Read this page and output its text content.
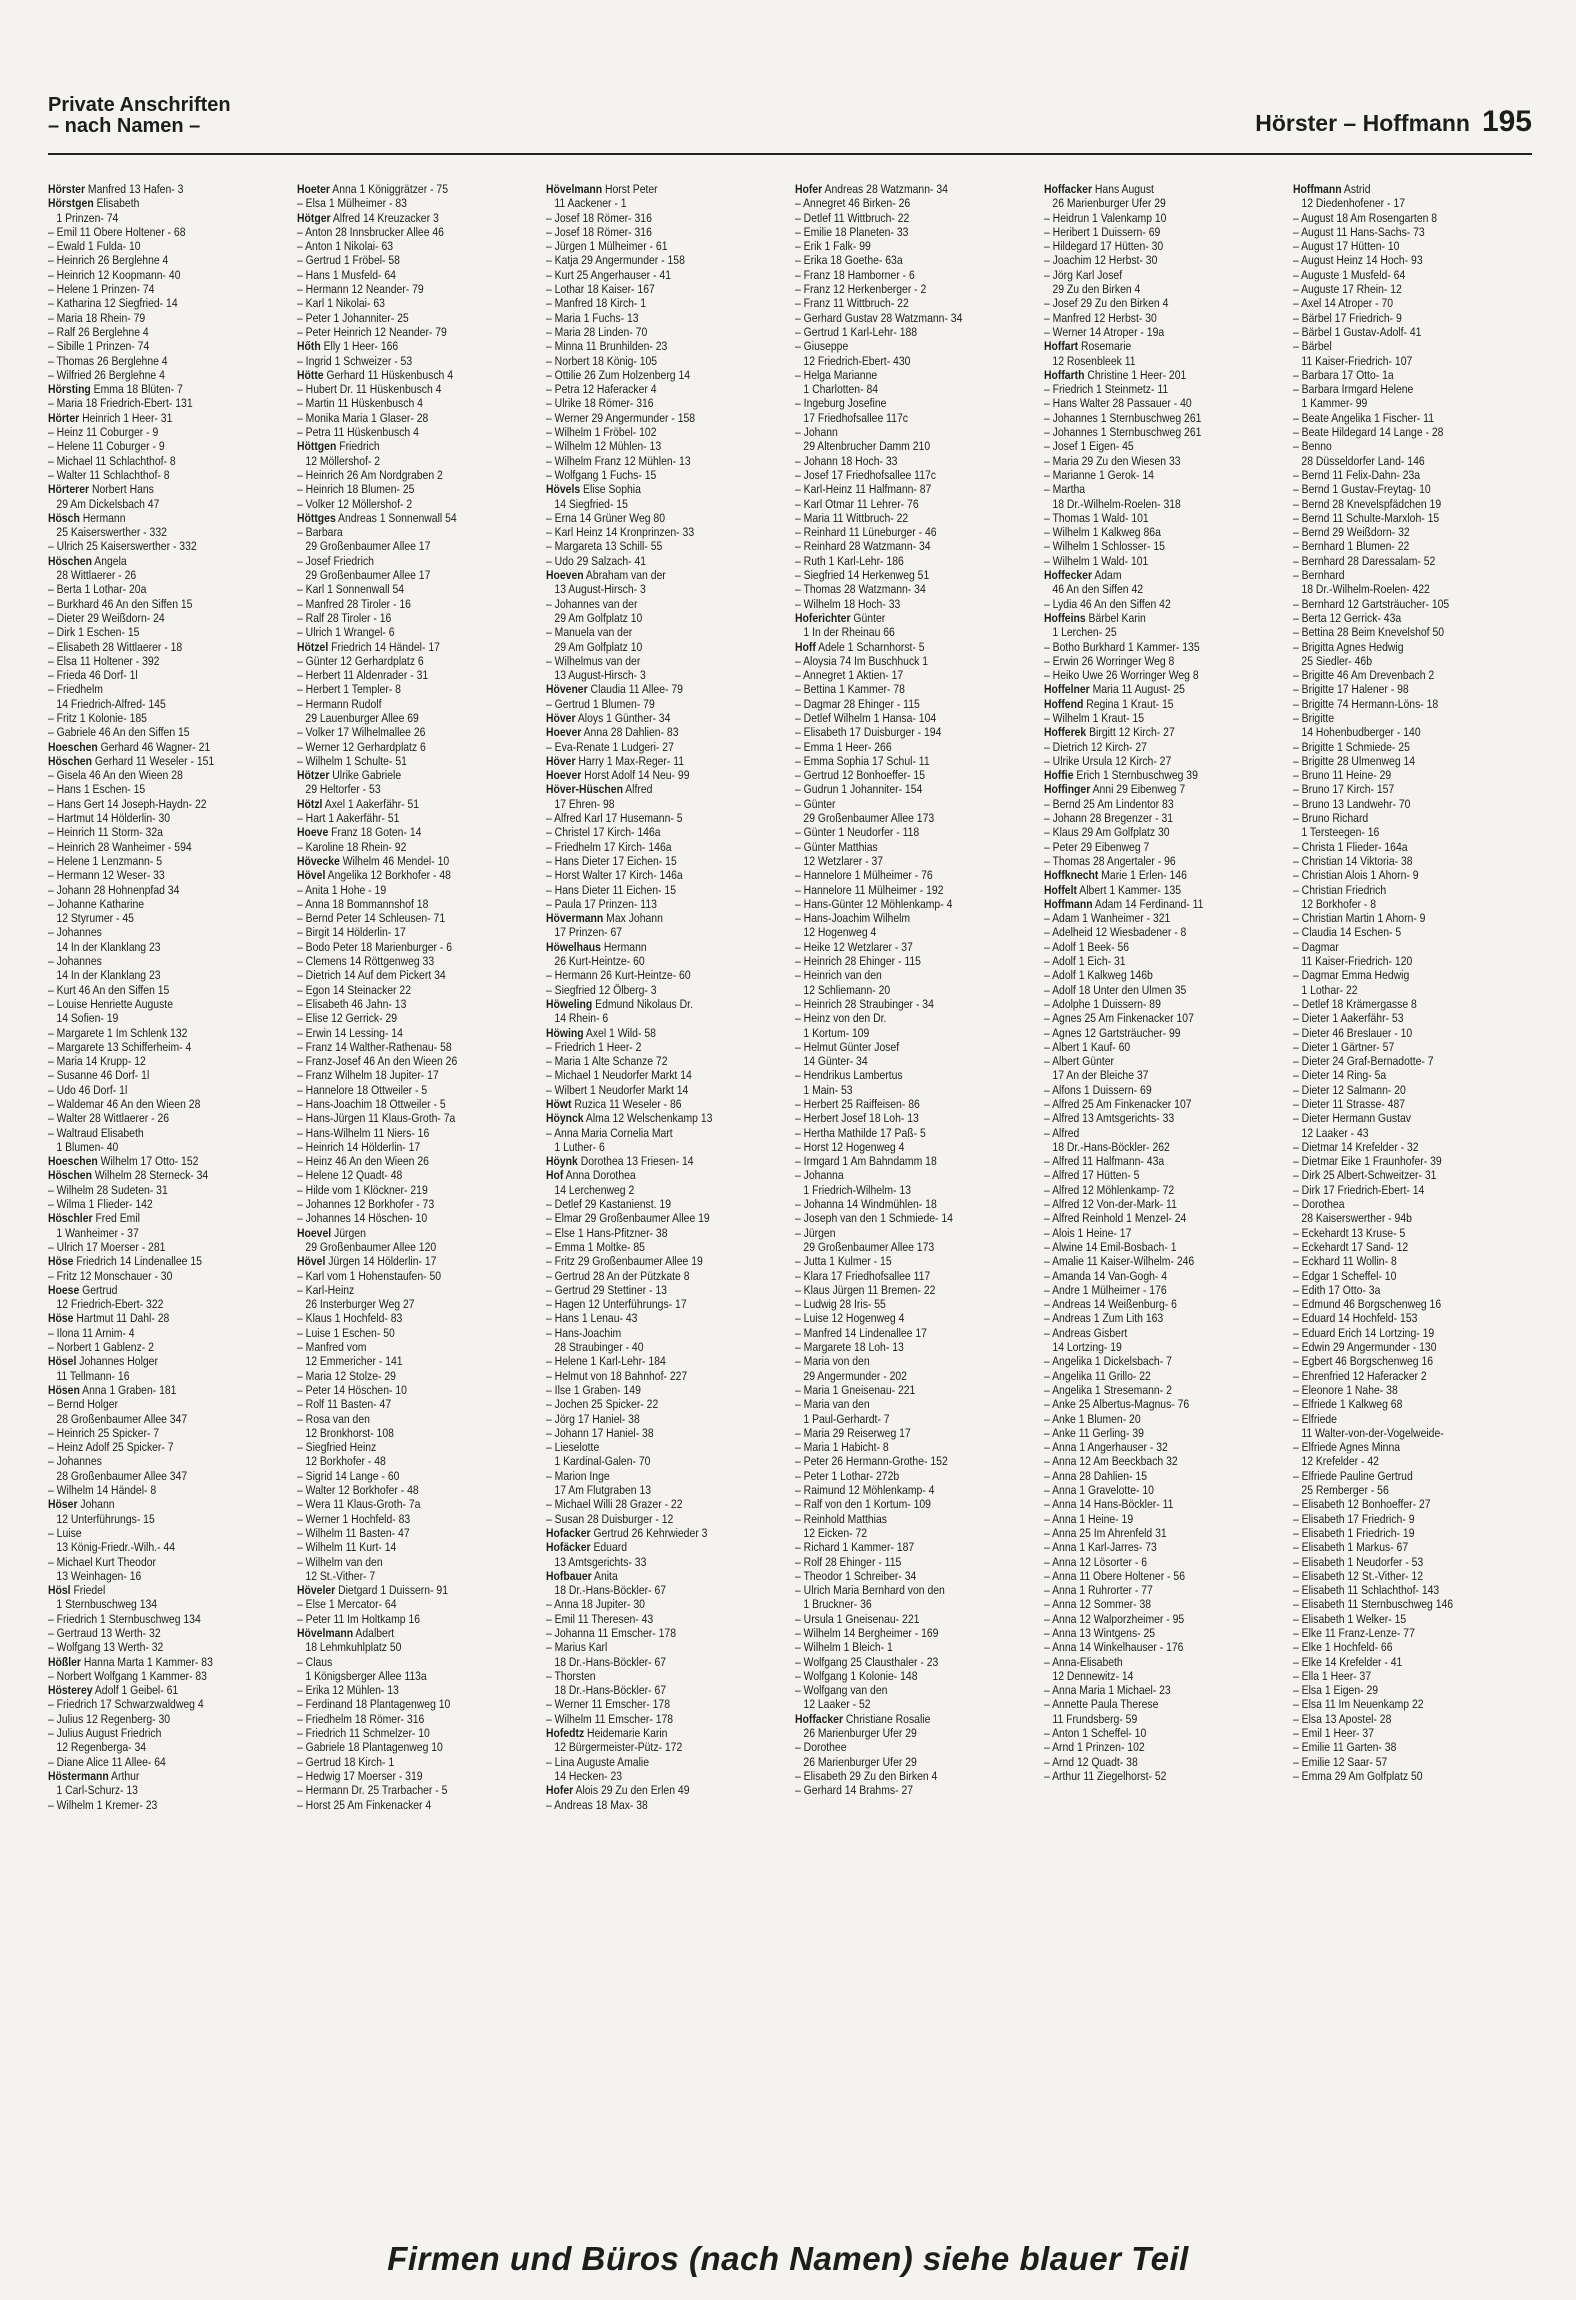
Private Anschriften
– nach Namen –	Hörster – Hoffmann 195
Hörster Manfred 13 Hafen- 3
Hörstgen Elisabeth
1 Prinzen- 74
– Emil 11 Obere Holtener - 68
– Ewald 1 Fulda- 10
– Heinrich 26 Berglehne 4
– Heinrich 12 Koopmann- 40
– Helene 1 Prinzen- 74
– Katharina 12 Siegfried- 14
– Maria 18 Rhein- 79
– Ralf 26 Berglehne 4
– Sibille 1 Prinzen- 74
– Thomas 26 Berglehne 4
– Wilfried 26 Berglehne 4
Hörsting Emma 18 Blüten- 7
– Maria 18 Friedrich-Ebert- 131
Hörter Heinrich 1 Heer- 31
– Heinz 11 Coburger - 9
– Helene 11 Coburger - 9
– Michael 11 Schlachthof- 8
– Walter 11 Schlachthof- 8
Hörterer Norbert Hans
29 Am Dickelsbach 47
Hösch Hermann
25 Kaiserswerther - 332
– Ulrich 25 Kaiserswerther - 332
Höschen Angela
28 Wittlaerer - 26
– Berta 1 Lothar- 20a
– Burkhard 46 An den Siffen 15
– Dieter 29 Weißdorn- 24
– Dirk 1 Eschen- 15
– Elisabeth 28 Wittlaerer - 18
– Elsa 11 Holtener - 392
– Frieda 46 Dorf- 1l
– Friedhelm
14 Friedrich-Alfred- 145
– Fritz 1 Kolonie- 185
– Gabriele 46 An den Siffen 15
Hoeschen Gerhard 46 Wagner- 21
Höschen Gerhard 11 Weseler - 151
– Gisela 46 An den Wieen 28
– Hans 1 Eschen- 15
– Hans Gert 14 Joseph-Haydn- 22
– Hartmut 14 Hölderlin- 30
– Heinrich 11 Storm- 32a
– Heinrich 28 Wanheimer - 594
– Helene 1 Lenzmann- 5
– Hermann 12 Weser- 33
– Johann 28 Hohnenpfad 34
– Johanne Katharine
12 Styrumer - 45
– Johannes
14 In der Klanklang 23
– Johannes
14 In der Klanklang 23
– Kurt 46 An den Siffen 15
– Louise Henriette Auguste
14 Sofien- 19
– Margarete 1 Im Schlenk 132
– Margarete 13 Schifferheim- 4
– Maria 14 Krupp- 12
– Susanne 46 Dorf- 1l
– Udo 46 Dorf- 1l
– Waldemar 46 An den Wieen 28
– Walter 28 Wittlaerer - 26
– Waltraud Elisabeth
1 Blumen- 40
Hoeschen Wilhelm 17 Otto- 152
Höschen Wilhelm 28 Sterneck- 34
– Wilhelm 28 Sudeten- 31
– Wilma 1 Flieder- 142
Höschler Fred Emil
1 Wanheimer - 37
– Ulrich 17 Moerser - 281
Höse Friedrich 14 Lindenallee 15
– Fritz 12 Monschauer - 30
Hoese Gertrud
12 Friedrich-Ebert- 322
Höse Hartmut 11 Dahl- 28
– Ilona 11 Arnim- 4
– Norbert 1 Gablenz- 2
Hösel Johannes Holger
11 Tellmann- 16
Hösen Anna 1 Graben- 181
– Bernd Holger
28 Großenbaumer Allee 347
– Heinrich 25 Spicker- 7
– Heinz Adolf 25 Spicker- 7
– Johannes
28 Großenbaumer Allee 347
– Wilhelm 14 Händel- 8
Höser Johann
12 Unterführungs- 15
– Luise
13 König-Friedr.-Wilh.- 44
– Michael Kurt Theodor
13 Weinhagen- 16
Hösl Friedel
1 Sternbuschweg 134
– Friedrich 1 Sternbuschweg 134
– Gertraud 13 Werth- 32
– Wolfgang 13 Werth- 32
Hößler Hanna Marta 1 Kammer- 83
– Norbert Wolfgang 1 Kammer- 83
Hösterey Adolf 1 Geibel- 61
– Friedrich 17 Schwarzwaldweg 4
– Julius 12 Regenberg- 30
– Julius August Friedrich
12 Regenberga- 34
– Diane Alice 11 Allee- 64
Höstermann Arthur
1 Carl-Schurz- 13
– Wilhelm 1 Kremer- 23
Hoeter Anna 1 Königgrätzer - 75
– Elsa 1 Mülheimer - 83
Hötger Alfred 14 Kreuzacker 3
– Anton 28 Innsbrucker Allee 46
– Anton 1 Nikolai- 63
– Gertrud 1 Fröbel- 58
– Hans 1 Musfeld- 64
– Hermann 12 Neander- 79
– Karl 1 Nikolai- 63
– Peter 1 Johanniter- 25
– Peter Heinrich 12 Neander- 79
Hőth Elly 1 Heer- 166
– Ingrid 1 Schweizer - 53
Hötte Gerhard 11 Hüskenbusch 4
– Hubert Dr. 11 Hüskenbusch 4
– Martin 11 Hüskenbusch 4
– Monika Maria 1 Glaser- 28
– Petra 11 Hüskenbusch 4
Höttgen Friedrich
12 Möllershof- 2
– Heinrich 26 Am Nordgraben 2
– Heinrich 18 Blumen- 25
– Volker 12 Möllershof- 2
Höttges Andreas 1 Sonnenwall 54
– Barbara
29 Großenbaumer Allee 17
– Josef Friedrich
29 Großenbaumer Allee 17
– Karl 1 Sonnenwall 54
– Manfred 28 Tiroler - 16
– Ralf 28 Tiroler - 16
– Ulrich 1 Wrangel- 6
Hötzel Friedrich 14 Händel- 17
– Günter 12 Gerhardplatz 6
– Herbert 11 Aldenrader - 31
– Herbert 1 Templer- 8
– Hermann Rudolf
29 Lauenburger Allee 69
– Volker 17 Wilhelmallee 26
– Werner 12 Gerhardplatz 6
– Wilhelm 1 Schulte- 51
Hötzer Ulrike Gabriele
29 Heltorfer - 53
Hötzl Axel 1 Aakerfähr- 51
– Hart 1 Aakerfähr- 51
Hoeve Franz 18 Goten- 14
– Karoline 18 Rhein- 92
Hövecke Wilhelm 46 Mendel- 10
Hövel Angelika 12 Borkhofer - 48
– Anita 1 Hohe - 19
– Anna 18 Bommannshof 18
– Bernd Peter 14 Schleusen- 71
– Birgit 14 Hölderlin- 17
– Bodo Peter 18 Marienburger - 6
– Clemens 14 Röttgenweg 33
– Dietrich 14 Auf dem Pickert 34
– Egon 14 Steinacker 22
– Elisabeth 46 Jahn- 13
– Elise 12 Gerrick- 29
– Erwin 14 Lessing- 14
– Franz 14 Walther-Rathenau- 58
– Franz-Josef 46 An den Wieen 26
– Franz Wilhelm 18 Jupiter- 17
– Hannelore 18 Ottweiler - 5
– Hans-Joachim 18 Ottweiler - 5
– Hans-Jürgen 11 Klaus-Groth- 7a
– Hans-Wilhelm 11 Niers- 16
– Heinrich 14 Hölderlin- 17
– Heinz 46 An den Wieen 26
– Helene 12 Quadt- 48
– Hilde vom 1 Klöckner- 219
– Johannes 12 Borkhofer - 73
– Johannes 14 Höschen- 10
Hoevel Jürgen
29 Großenbaumer Allee 120
Hövel Jürgen 14 Hölderlin- 17
– Karl vom 1 Hohenstaufen- 50
– Karl-Heinz
26 Insterburger Weg 27
– Klaus 1 Hochfeld- 83
– Luise 1 Eschen- 50
– Manfred vom
12 Emmericher - 141
– Maria 12 Stolze- 29
– Peter 14 Höschen- 10
– Rolf 11 Basten- 47
– Rosa van den
12 Bronkhorst- 108
– Siegfried Heinz
12 Borkhofer - 48
– Sigrid 14 Lange - 60
– Walter 12 Borkhofer - 48
– Wera 11 Klaus-Groth- 7a
– Werner 1 Hochfeld- 83
– Wilhelm 11 Basten- 47
– Wilhelm 11 Kurt- 14
– Wilhelm van den
12 St.-Vither- 7
Höveler Dietgard 1 Duissern- 91
– Else 1 Mercator- 64
– Peter 11 Im Holtkamp 16
Hövelmann Adalbert
18 Lehmkuhlplatz 50
– Claus
1 Königsberger Allee 113a
– Erika 12 Mühlen- 13
– Ferdinand 18 Plantagenweg 10
– Friedhelm 18 Römer- 316
– Friedrich 11 Schmelzer- 10
– Gabriele 18 Plantagenweg 10
– Gertrud 18 Kirch- 1
– Hedwig 17 Moerser - 319
– Hermann Dr. 25 Trarbacher - 5
– Horst 25 Am Finkenacker 4
Hövelmann Horst Peter
11 Aackener - 1
– Josef 18 Römer- 316
– Josef 18 Römer- 316
– Jürgen 1 Mülheimer - 61
– Katja 29 Angermunder - 158
– Kurt 25 Angerhauser - 41
– Lothar 18 Kaiser- 167
– Manfred 18 Kirch- 1
– Maria 1 Fuchs- 13
– Maria 28 Linden- 70
– Minna 11 Brunhilden- 23
– Norbert 18 König- 105
– Ottilie 26 Zum Holzenberg 14
– Petra 12 Haferacker 4
– Ulrike 18 Römer- 316
– Werner 29 Angermunder - 158
– Wilhelm 1 Fröbel- 102
– Wilhelm 12 Mühlen- 13
– Wilhelm Franz 12 Mühlen- 13
– Wolfgang 1 Fuchs- 15
Hövels Elise Sophia
14 Siegfried- 15
– Erna 14 Grüner Weg 80
– Karl Heinz 14 Kronprinzen- 33
– Margareta 13 Schill- 55
– Udo 29 Salzach- 41
Hoeven Abraham van der
13 August-Hirsch- 3
– Johannes van der
29 Am Golfplatz 10
– Manuela van der
29 Am Golfplatz 10
– Wilhelmus van der
13 August-Hirsch- 3
Hövener Claudia 11 Allee- 79
– Gertrud 1 Blumen- 79
Höver Aloys 1 Günther- 34
Hoever Anna 28 Dahlien- 83
– Eva-Renate 1 Ludgeri- 27
Höver Harry 1 Max-Reger- 11
Hoever Horst Adolf 14 Neu- 99
Höver-Hüschen Alfred
17 Ehren- 98
– Alfred Karl 17 Husemann- 5
– Christel 17 Kirch- 146a
– Friedhelm 17 Kirch- 146a
– Hans Dieter 17 Eichen- 15
– Horst Walter 17 Kirch- 146a
– Hans Dieter 11 Eichen- 15
– Paula 17 Prinzen- 113
Hövermann Max Johann
17 Prinzen- 67
Höwelhaus Hermann
26 Kurt-Heintze- 60
– Hermann 26 Kurt-Heintze- 60
– Siegfried 12 Ölberg- 3
Höweling Edmund Nikolaus Dr.
14 Rhein- 6
Höwing Axel 1 Wild- 58
– Friedrich 1 Heer- 2
– Maria 1 Alte Schanze 72
– Michael 1 Neudorfer Markt 14
– Wilbert 1 Neudorfer Markt 14
Höwt Ruzica 11 Weseler - 86
Höynck Alma 12 Welschenkamp 13
– Anna Maria Cornelia Mart
1 Luther- 6
Höynk Dorothea 13 Friesen- 14
Hof Anna Dorothea
14 Lerchenweg 2
– Detlef 29 Kastanienst. 19
– Elmar 29 Großenbaumer Allee 19
– Else 1 Hans-Pfitzner- 38
– Emma 1 Moltke- 85
– Fritz 29 Großenbaumer Allee 19
– Gertrud 28 An der Pützkate 8
– Gertrud 29 Stettiner - 13
– Hagen 12 Unterführungs- 17
– Hans 1 Lenau- 43
– Hans-Joachim
28 Straubinger - 40
– Helene 1 Karl-Lehr- 184
– Helmut von 18 Bahnhof- 227
– Ilse 1 Graben- 149
– Jochen 25 Spicker- 22
– Jörg 17 Haniel- 38
– Johann 17 Haniel- 38
– Lieselotte
1 Kardinal-Galen- 70
– Marion Inge
17 Am Flutgraben 13
– Michael Willi 28 Grazer - 22
– Susan 28 Duisburger - 12
Hofacker Gertrud 26 Kehrwieder 3
Hofäcker Eduard
13 Amtsgerichts- 33
Hofbauer Anita
18 Dr.-Hans-Böckler- 67
– Anna 18 Jupiter- 30
– Emil 11 Theresen- 43
– Johanna 11 Emscher- 178
– Marius Karl
18 Dr.-Hans-Böckler- 67
– Thorsten
18 Dr.-Hans-Böckler- 67
– Werner 11 Emscher- 178
– Wilhelm 11 Emscher- 178
Hofedtz Heidemarie Karin
12 Bürgermeister-Pütz- 172
– Lina Auguste Amalie
14 Hecken- 23
Hofer Alois 29 Zu den Erlen 49
– Andreas 18 Max- 38
Hofer Andreas 28 Watzmann- 34
– Annegret 46 Birken- 26
– Detlef 11 Wittbruch- 22
– Emilie 18 Planeten- 33
– Erik 1 Falk- 99
– Erika 18 Goethe- 63a
– Franz 18 Hamborner - 6
– Franz 12 Herkenberger - 2
– Franz 11 Wittbruch- 22
– Gerhard Gustav 28 Watzmann- 34
– Gertrud 1 Karl-Lehr- 188
– Giuseppe
12 Friedrich-Ebert- 430
– Helga Marianne
1 Charlotten- 84
– Ingeburg Josefine
17 Friedhofsallee 117c
– Johann
29 Altenbrucher Damm 210
– Johann 18 Hoch- 33
– Josef 17 Friedhofsallee 117c
– Karl-Heinz 11 Halfmann- 87
– Karl Otmar 11 Lehrer- 76
– Maria 11 Wittbruch- 22
– Reinhard 11 Lüneburger - 46
– Reinhard 28 Watzmann- 34
– Ruth 1 Karl-Lehr- 186
– Siegfried 14 Herkenweg 51
– Thomas 28 Watzmann- 34
– Wilhelm 18 Hoch- 33
Hoferichter Günter
1 In der Rheinau 66
Hoff Adele 1 Scharnhorst- 5
– Aloysia 74 Im Buschhuck 1
– Annegret 1 Aktien- 17
– Bettina 1 Kammer- 78
– Dagmar 28 Ehinger - 115
– Detlef Wilhelm 1 Hansa- 104
– Elisabeth 17 Duisburger - 194
– Emma 1 Heer- 266
– Emma Sophia 17 Schul- 11
– Gertrud 12 Bonhoeffer- 15
– Gudrun 1 Johanniter- 154
– Günter
29 Großenbaumer Allee 173
– Günter 1 Neudorfer - 118
– Günter Matthias
12 Wetzlarer - 37
– Hannelore 1 Mülheimer - 76
– Hannelore 11 Mülheimer - 192
– Hans-Günter 12 Möhlenkamp- 4
– Hans-Joachim Wilhelm
12 Hogenweg 4
– Heike 12 Wetzlarer - 37
– Heinrich 28 Ehinger - 115
– Heinrich van den
12 Schliemann- 20
– Heinrich 28 Straubinger - 34
– Heinz von den Dr.
1 Kortum- 109
– Helmut Günter Josef
14 Günter- 34
– Hendrikus Lambertus
1 Main- 53
– Herbert 25 Raiffeisen- 86
– Herbert Josef 18 Loh- 13
– Hertha Mathilde 17 Paß- 5
– Horst 12 Hogenweg 4
– Irmgard 1 Am Bahndamm 18
– Johanna
1 Friedrich-Wilhelm- 13
– Johanna 14 Windmühlen- 18
– Joseph van den 1 Schmiede- 14
– Jürgen
29 Großenbaumer Allee 173
– Jutta 1 Kulmer - 15
– Klara 17 Friedhofsallee 117
– Klaus Jürgen 11 Bremen- 22
– Ludwig 28 Iris- 55
– Luise 12 Hogenweg 4
– Manfred 14 Lindenallee 17
– Margarete 18 Loh- 13
– Maria von den
29 Angermunder - 202
– Maria 1 Gneisenau- 221
– Maria van den
1 Paul-Gerhardt- 7
– Maria 29 Reiserweg 17
– Maria 1 Habicht- 8
– Peter 26 Hermann-Grothe- 152
– Peter 1 Lothar- 272b
– Raimund 12 Möhlenkamp- 4
– Ralf von den 1 Kortum- 109
– Reinhold Matthias
12 Eicken- 72
– Richard 1 Kammer- 187
– Rolf 28 Ehinger - 115
– Theodor 1 Schreiber- 34
– Ulrich Maria Bernhard von den
1 Bruckner- 36
– Ursula 1 Gneisenau- 221
– Wilhelm 14 Bergheimer - 169
– Wilhelm 1 Bleich- 1
– Wolfgang 25 Clausthaler - 23
– Wolfgang 1 Kolonie- 148
– Wolfgang van den
12 Laaker - 52
Hoffacker Christiane Rosalie
26 Marienburger Ufer 29
– Dorothee
26 Marienburger Ufer 29
– Elisabeth 29 Zu den Birken 4
– Gerhard 14 Brahms- 27
Hoffacker Hans August
26 Marienburger Ufer 29
– Heidrun 1 Valenkamp 10
– Heribert 1 Duissern- 69
– Hildegard 17 Hütten- 30
– Joachim 12 Herbst- 30
– Jörg Karl Josef
29 Zu den Birken 4
– Josef 29 Zu den Birken 4
– Manfred 12 Herbst- 30
– Werner 14 Atroper - 19a
Hoffart Rosemarie
12 Rosenbleek 11
Hoffarth Christine 1 Heer- 201
– Friedrich 1 Steinmetz- 11
– Hans Walter 28 Passauer - 40
– Johannes 1 Sternbuschweg 261
– Johannes 1 Sternbuschweg 261
– Josef 1 Eigen- 45
– Maria 29 Zu den Wiesen 33
– Marianne 1 Gerok- 14
– Martha
18 Dr.-Wilhelm-Roelen- 318
– Thomas 1 Wald- 101
– Wilhelm 1 Kalkweg 86a
– Wilhelm 1 Schlosser- 15
– Wilhelm 1 Wald- 101
Hoffecker Adam
46 An den Siffen 42
– Lydia 46 An den Siffen 42
Hoffeins Bärbel Karin
1 Lerchen- 25
– Botho Burkhard 1 Kammer- 135
– Erwin 26 Worringer Weg 8
– Heiko Uwe 26 Worringer Weg 8
Hoffelner Maria 11 August- 25
Hoffend Regina 1 Kraut- 15
– Wilhelm 1 Kraut- 15
Hofferek Birgitt 12 Kirch- 27
– Dietrich 12 Kirch- 27
– Ulrike Ursula 12 Kirch- 27
Hoffie Erich 1 Sternbuschweg 39
Hoffinger Anni 29 Eibenweg 7
– Bernd 25 Am Lindentor 83
– Johann 28 Bregenzer - 31
– Klaus 29 Am Golfplatz 30
– Peter 29 Eibenweg 7
– Thomas 28 Angertaler - 96
Hoffknecht Marie 1 Erlen- 146
Hoffelt Albert 1 Kammer- 135
Hoffmann Adam 14 Ferdinand- 11
– Adam 1 Wanheimer - 321
– Adelheid 12 Wiesbadener - 8
– Adolf 1 Beek- 56
– Adolf 1 Eich- 31
– Adolf 1 Kalkweg 146b
– Adolf 18 Unter den Ulmen 35
– Adolphe 1 Duissern- 89
– Agnes 25 Am Finkenacker 107
– Agnes 12 Gartsträucher- 99
– Albert 1 Kauf- 60
– Albert Günter
17 An der Bleiche 37
– Alfons 1 Duissern- 69
– Alfred 25 Am Finkenacker 107
– Alfred 13 Amtsgerichts- 33
– Alfred
18 Dr.-Hans-Böckler- 262
– Alfred 11 Halfmann- 43a
– Alfred 17 Hütten- 5
– Alfred 12 Möhlenkamp- 72
– Alfred 12 Von-der-Mark- 11
– Alfred Reinhold 1 Menzel- 24
– Alois 1 Heine- 17
– Alwine 14 Emil-Bosbach- 1
– Amalie 11 Kaiser-Wilhelm- 246
– Amanda 14 Van-Gogh- 4
– Andre 1 Mülheimer - 176
– Andreas 14 Weißenburg- 6
– Andreas 1 Zum Lith 163
– Andreas Gisbert
14 Lortzing- 19
– Angelika 1 Dickelsbach- 7
– Angelika 11 Grillo- 22
– Angelika 1 Stresemann- 2
– Anke 25 Albertus-Magnus- 76
– Anke 1 Blumen- 20
– Anke 11 Gerling- 39
– Anna 1 Angerhauser - 32
– Anna 12 Am Beeckbach 32
– Anna 28 Dahlien- 15
– Anna 1 Gravelotte- 10
– Anna 14 Hans-Böckler- 11
– Anna 1 Heine- 19
– Anna 25 Im Ahrenfeld 31
– Anna 1 Karl-Jarres- 73
– Anna 12 Lösorter - 6
– Anna 11 Obere Holtener - 56
– Anna 1 Ruhrorter - 77
– Anna 12 Sommer- 38
– Anna 12 Walporzheimer - 95
– Anna 13 Wintgens- 25
– Anna 14 Winkelhauser - 176
– Anna-Elisabeth
12 Dennewitz- 14
– Anna Maria 1 Michael- 23
– Annette Paula Therese
11 Frundsberg- 59
– Anton 1 Scheffel- 10
– Arnd 1 Prinzen- 102
– Arnd 12 Quadt- 38
– Arthur 11 Ziegelhorst- 52
Hoffmann Astrid
12 Diedenhofener - 17
– August 18 Am Rosengarten 8
– August 11 Hans-Sachs- 73
– August 17 Hütten- 10
– August Heinz 14 Hoch- 93
– Auguste 1 Musfeld- 64
– Auguste 17 Rhein- 12
– Axel 14 Atroper - 70
– Bärbel 17 Friedrich- 9
– Bärbel 1 Gustav-Adolf- 41
– Bärbel
11 Kaiser-Friedrich- 107
– Barbara 17 Otto- 1a
– Barbara Irmgard Helene
1 Kammer- 99
– Beate Angelika 1 Fischer- 11
– Beate Hildegard 14 Lange - 28
– Benno
28 Düsseldorfer Land- 146
– Bernd 11 Felix-Dahn- 23a
– Bernd 1 Gustav-Freytag- 10
– Bernd 28 Knevelspfädchen 19
– Bernd 11 Schulte-Marxloh- 15
– Bernd 29 Weißdorn- 32
– Bernhard 1 Blumen- 22
– Bernhard 28 Daressalam- 52
– Bernhard
18 Dr.-Wilhelm-Roelen- 422
– Bernhard 12 Gartsträucher- 105
– Berta 12 Gerrick- 43a
– Bettina 28 Beim Knevelshof 50
– Brigitta Agnes Hedwig
25 Siedler- 46b
– Brigitte 46 Am Drevenbach 2
– Brigitte 17 Halener - 98
– Brigitte 74 Hermann-Löns- 18
– Brigitte
14 Hohenbudberger - 140
– Brigitte 1 Schmiede- 25
– Brigitte 28 Ulmenweg 14
– Bruno 11 Heine- 29
– Bruno 17 Kirch- 157
– Bruno 13 Landwehr- 70
– Bruno Richard
1 Tersteegen- 16
– Christa 1 Flieder- 164a
– Christian 14 Viktoria- 38
– Christian Alois 1 Ahorn- 9
– Christian Friedrich
12 Borkhofer - 8
– Christian Martin 1 Ahorn- 9
– Claudia 14 Eschen- 5
– Dagmar
11 Kaiser-Friedrich- 120
– Dagmar Emma Hedwig
1 Lothar- 22
– Detlef 18 Krämergasse 8
– Dieter 1 Aakerfähr- 53
– Dieter 46 Breslauer - 10
– Dieter 1 Gärtner- 57
– Dieter 24 Graf-Bernadotte- 7
– Dieter 14 Ring- 5a
– Dieter 12 Salmann- 20
– Dieter 11 Strasse- 487
– Dieter Hermann Gustav
12 Laaker - 43
– Dietmar 14 Krefelder - 32
– Dietmar Eike 1 Fraunhofer- 39
– Dirk 25 Albert-Schweitzer- 31
– Dirk 17 Friedrich-Ebert- 14
– Dorothea
28 Kaiserswerther - 94b
– Eckehardt 13 Kruse- 5
– Eckehardt 17 Sand- 12
– Eckhard 11 Wollin- 8
– Edgar 1 Scheffel- 10
– Edith 17 Otto- 3a
– Edmund 46 Borgschenweg 16
– Eduard 14 Hochfeld- 153
– Eduard Erich 14 Lortzing- 19
– Edwin 29 Angermunder - 130
– Egbert 46 Borgschenweg 16
– Ehrenfried 12 Haferacker 2
– Eleonore 1 Nahe- 38
– Elfriede 1 Kalkweg 68
– Elfriede
11 Walter-von-der-Vogelweide-
– Elfriede Agnes Minna
12 Krefelder - 42
– Elfriede Pauline Gertrud
25 Remberger - 56
– Elisabeth 12 Bonhoeffer- 27
– Elisabeth 17 Friedrich- 9
– Elisabeth 1 Friedrich- 19
– Elisabeth 1 Markus- 67
– Elisabeth 1 Neudorfer - 53
– Elisabeth 12 St.-Vither- 12
– Elisabeth 11 Schlachthof- 143
– Elisabeth 11 Sternbuschweg 146
– Elisabeth 1 Welker- 15
– Elke 11 Franz-Lenze- 77
– Elke 1 Hochfeld- 66
– Elke 14 Krefelder - 41
– Ella 1 Heer- 37
– Elsa 1 Eigen- 29
– Elsa 11 Im Neuenkamp 22
– Elsa 13 Apostel- 28
– Emil 1 Heer- 37
– Emilie 11 Garten- 38
– Emilie 12 Saar- 57
– Emma 29 Am Golfplatz 50
Firmen und Büros (nach Namen) siehe blauer Teil
